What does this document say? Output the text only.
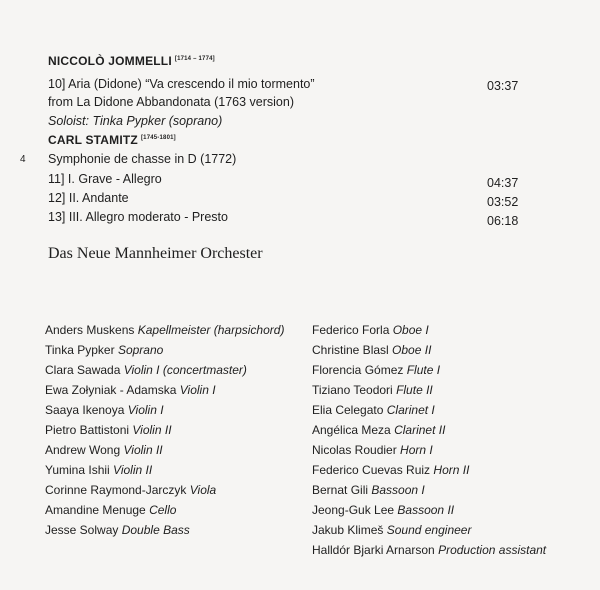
NICCOLÒ JOMMELLI [1714 – 1774]
10] Aria (Didone) “Va crescendo il mio tormento”	03:37
from La Didone Abbandonata (1763 version)
Soloist: Tinka Pypker (soprano)
CARL STAMITZ [1745-1801]
4 Symphonie de chasse in D (1772)
11] I. Grave - Allegro	04:37
12] II. Andante	03:52
13] III. Allegro moderato - Presto	06:18
Das Neue Mannheimer Orchester
Anders Muskens Kapellmeister (harpsichord)
Tinka Pypker Soprano
Clara Sawada Violin I (concertmaster)
Ewa Zołyniak - Adamska Violin I
Saaya Ikenoya Violin I
Pietro Battistoni Violin II
Andrew Wong Violin II
Yumina Ishii Violin II
Corinne Raymond-Jarczyk Viola
Amandine Menuge Cello
Jesse Solway Double Bass
Federico Forla Oboe I
Christine Blasl Oboe II
Florencia Gómez Flute I
Tiziano Teodori Flute II
Elia Celegato Clarinet I
Angélica Meza Clarinet II
Nicolas Roudier Horn I
Federico Cuevas Ruiz Horn II
Bernat Gili Bassoon I
Jeong-Guk Lee Bassoon II
Jakub Klimeš Sound engineer
Halldór Bjarki Arnarson Production assistant
